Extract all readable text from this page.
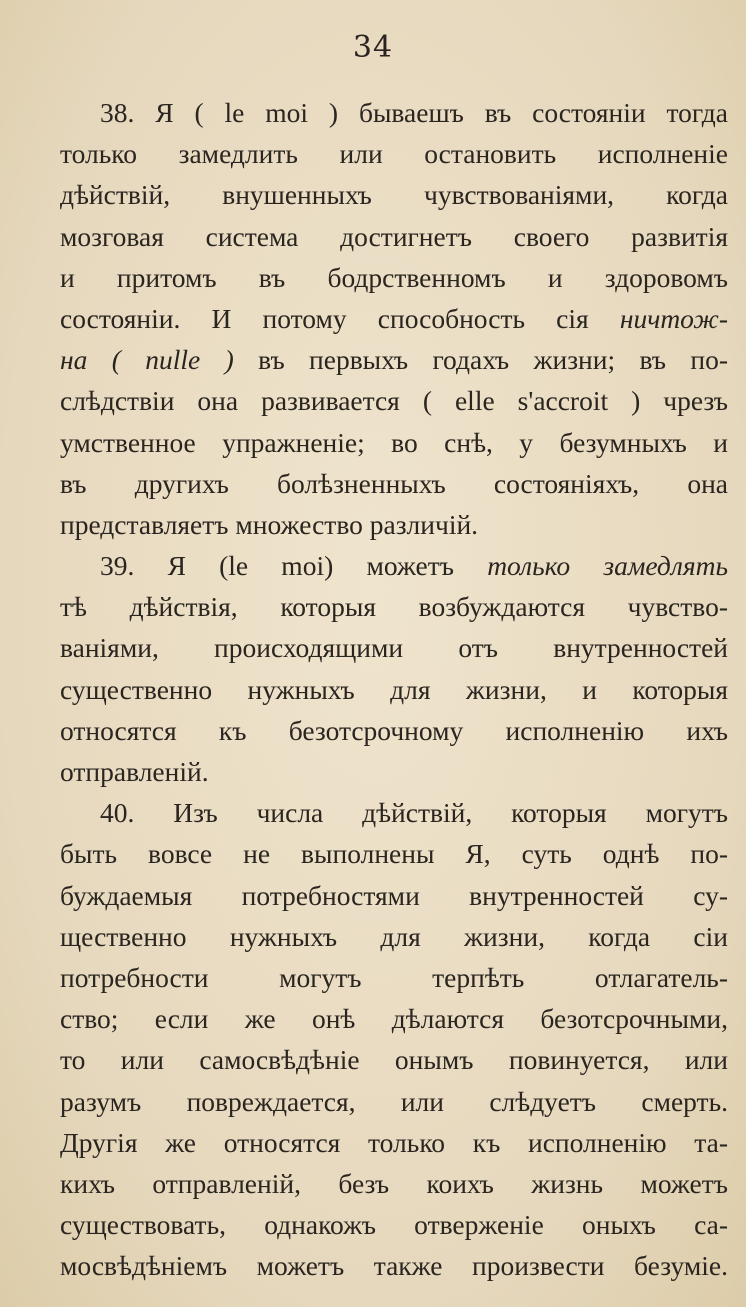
34
38. Я ( le moi ) бываешъ въ состояніи тогда
только замедлить или остановить исполненіе
дѣйствій, внушенныхъ чувствованіями, когда
мозговая система достигнетъ своего развитія
и притомъ въ бодрственномъ и здоровомъ
состояніи. И потому способность сія ничтож-
на ( nulle ) въ первыхъ годахъ жизни; въ по-
слѣдствіи она развивается ( elle s'accroit ) чрезъ
умственное упражненіе; во снѣ, у безумныхъ и
въ другихъ болѣзненныхъ состояніяхъ, она
представляетъ множество различій.
39. Я (le moi) можетъ только замедлять
тѣ дѣйствія, которыя возбуждаются чувство-
ваніями, происходящими отъ внутренностей
существенно нужныхъ для жизни, и которыя
относятся къ безотсрочному исполненію ихъ
отправленій.
40. Изъ числа дѣйствій, которыя могутъ
быть вовсе не выполнены Я, суть однѣ по-
буждаемыя потребностями внутренностей су-
щественно нужныхъ для жизни, когда сіи
потребности могутъ терпѣть отлагатель-
ство; если же онѣ дѣлаются безотсрочными,
то или самосвѣдѣніе онымъ повинуется, или
разумъ повреждается, или слѣдуетъ смерть.
Другія же относятся только къ исполненію та-
кихъ отправленій, безъ коихъ жизнь можетъ
существовать, однакожъ отверженіе оныхъ са-
мосвѣдѣніемъ можетъ также произвести безуміе.
